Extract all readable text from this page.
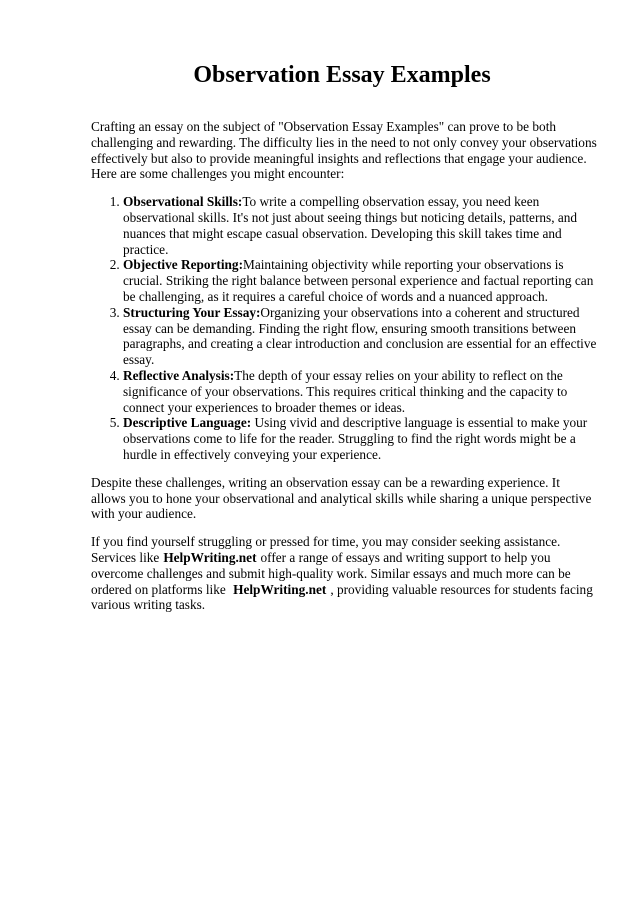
Observation Essay Examples

Crafting an essay on the subject of "Observation Essay Examples" can prove to be both challenging and rewarding. The difficulty lies in the need to not only convey your observations effectively but also to provide meaningful insights and reflections that engage your audience. Here are some challenges you might encounter:

1. Observational Skills:To write a compelling observation essay, you need keen observational skills. It's not just about seeing things but noticing details, patterns, and nuances that might escape casual observation. Developing this skill takes time and practice.
2. Objective Reporting:Maintaining objectivity while reporting your observations is crucial. Striking the right balance between personal experience and factual reporting can be challenging, as it requires a careful choice of words and a nuanced approach.
3. Structuring Your Essay:Organizing your observations into a coherent and structured essay can be demanding. Finding the right flow, ensuring smooth transitions between paragraphs, and creating a clear introduction and conclusion are essential for an effective essay.
4. Reflective Analysis:The depth of your essay relies on your ability to reflect on the significance of your observations. This requires critical thinking and the capacity to connect your experiences to broader themes or ideas.
5. Descriptive Language: Using vivid and descriptive language is essential to make your observations come to life for the reader. Struggling to find the right words might be a hurdle in effectively conveying your experience.

Despite these challenges, writing an observation essay can be a rewarding experience. It allows you to hone your observational and analytical skills while sharing a unique perspective with your audience.

If you find yourself struggling or pressed for time, you may consider seeking assistance. Services like HelpWriting.net offer a range of essays and writing support to help you overcome challenges and submit high-quality work. Similar essays and much more can be ordered on platforms like HelpWriting.net , providing valuable resources for students facing various writing tasks.
